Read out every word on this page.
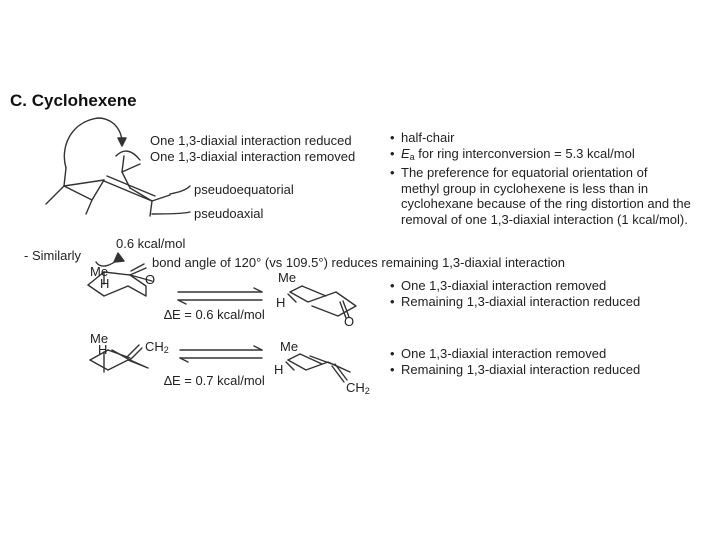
C. Cyclohexene
One 1,3-diaxial interaction reduced
One 1,3-diaxial interaction removed
pseudoequatorial
pseudoaxial
0.6 kcal/mol
• half-chair
• $E_a$ for ring interconversion = 5.3 kcal/mol
• The preference for equatorial orientation of
methyl group in cyclohexene is less than in
cyclohexane because of the ring distortion and the
removal of one 1,3-diaxial interaction (1 kcal/mol).
- Similarly	bond angle of 120° (vs 109.5°) reduces remaining 1,3-diaxial interaction
Me
H	O	Me
H
O
∆E = 0.6 kcal/mol
• One 1,3-diaxial interaction removed
• Remaining 1,3-diaxial interaction reduced
Me
H	$CH_2$	Me
H
$CH_2$
∆E = 0.7 kcal/mol
• One 1,3-diaxial interaction removed
• Remaining 1,3-diaxial interaction reduced
